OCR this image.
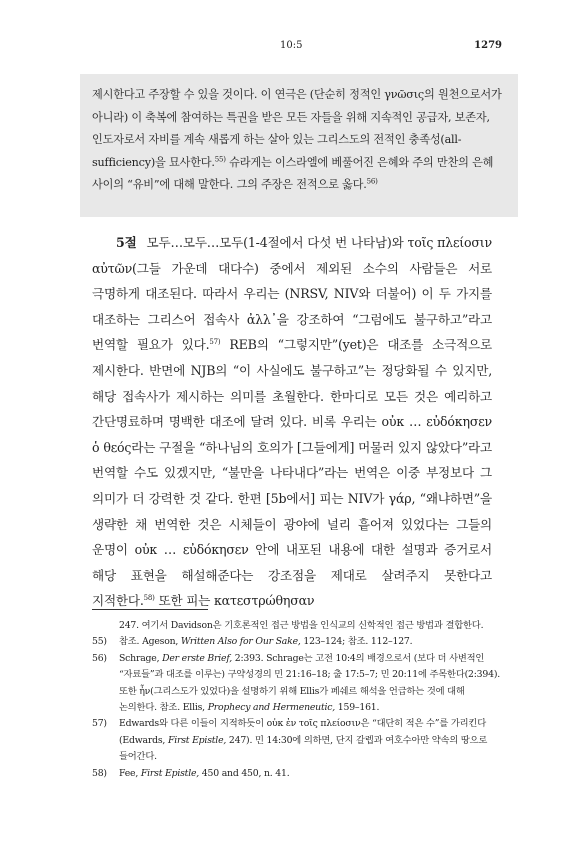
10:5	1279

제시한다고 주장할 수 있을 것이다. 이 연극은 (단순히 정적인 γνῶσις의 원천으로서가 아니라) 이 축복에 참여하는 특권을 받은 모든 자들을 위해 지속적인 공급자, 보존자, 인도자로서 자비를 계속 새롭게 하는 살아 있는 그리스도의 전적인 충족성(all-sufficiency)을 묘사한다.$^{55)}$ 슈라게는 이스라엘에 베풀어진 은혜와 주의 만찬의 은혜 사이의 “유비”에 대해 말한다. 그의 주장은 전적으로 옳다.$^{56)}$

5절 모두…모두…모두(1-4절에서 다섯 번 나타남)와 τοῖς πλείοσιν αὐτῶν(그들 가운데 대다수) 중에서 제외된 소수의 사람들은 서로 극명하게 대조된다. 따라서 우리는 (NRSV, NIV와 더불어) 이 두 가지를 대조하는 그리스어 접속사 ἀλλ᾽을 강조하여 “그럼에도 불구하고”라고 번역할 필요가 있다.$^{57)}$ REB의 “그렇지만”(yet)은 대조를 소극적으로 제시한다. 반면에 NJB의 “이 사실에도 불구하고”는 정당화될 수 있지만, 해당 접속사가 제시하는 의미를 초월한다. 한마디로 모든 것은 예리하고 간단명료하며 명백한 대조에 달려 있다. 비록 우리는 οὐκ … εὐδόκησεν ὁ θεός라는 구절을 “하나님의 호의가 [그들에게] 머물러 있지 않았다”라고 번역할 수도 있겠지만, “불만을 나타내다”라는 번역은 이중 부정보다 그 의미가 더 강력한 것 같다. 한편 [5b에서] 피는 NIV가 γάρ, “왜냐하면”을 생략한 채 번역한 것은 시체들이 광야에 널리 흩어져 있었다는 그들의 운명이 οὐκ … εὐδόκησεν 안에 내포된 내용에 대한 설명과 증거로서 해당 표현을 해설해준다는 강조점을 제대로 살려주지 못한다고 지적한다.$^{58)}$ 또한 피는 κατεστρώθησαν

247. 여기서 Davidson은 기호론적인 접근 방법을 인식교의 신학적인 접근 방법과 결합한다.
55) 참조. Ageson, Written Also for Our Sake, 123–124; 참조. 112–127.
56) Schrage, Der erste Brief, 2:393. Schrage는 고전 10:4의 배경으로서 (보다 더 사변적인 “자료들”과 대조를 이루는) 구약성경의 민 21:16–18; 출 17:5–7; 민 20:11에 주목한다(2:394). 또한 ἦν(그리스도가 있었다)을 설명하기 위해 Ellis가 페쉐르 해석을 언급하는 것에 대해 논의한다. 참조. Ellis, Prophecy and Hermeneutic, 159–161.
57) Edwards와 다른 이들이 지적하듯이 οὐκ ἐν τοῖς πλείοσιν은 “대단히 적은 수”를 가리킨다 (Edwards, First Epistle, 247). 민 14:30에 의하면, 단지 갈렙과 여호수아만 약속의 땅으로 들어간다.
58) Fee, First Epistle, 450 and 450, n. 41.
